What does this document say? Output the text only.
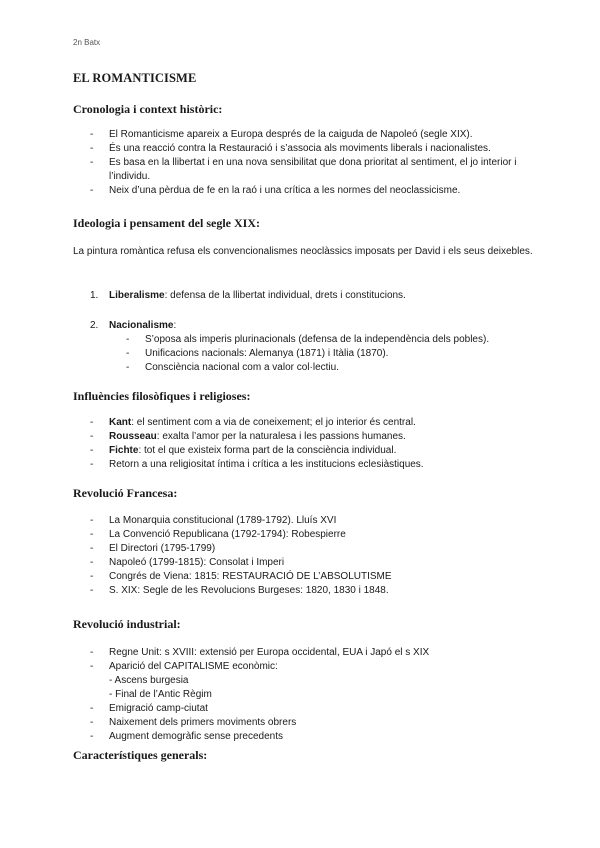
2n Batx
EL ROMANTICISME
Cronologia i context històric:
- El Romanticisme apareix a Europa després de la caiguda de Napoleó (segle XIX).
- És una reacció contra la Restauració i s’associa als moviments liberals i nacionalistes.
- Es basa en la llibertat i en una nova sensibilitat que dona prioritat al sentiment, el jo interior i l’individu.
- Neix d’una pèrdua de fe en la raó i una crítica a les normes del neoclassicisme.
Ideologia i pensament del segle XIX:
La pintura romàntica refusa els convencionalismes neoclàssics imposats per David i els seus deixebles.
1. Liberalisme: defensa de la llibertat individual, drets i constitucions.
2. Nacionalisme:
- S’oposa als imperis plurinacionals (defensa de la independència dels pobles).
- Unificacions nacionals: Alemanya (1871) i Itàlia (1870).
- Consciència nacional com a valor col·lectiu.
Influències filosòfiques i religioses:
- Kant: el sentiment com a via de coneixement; el jo interior és central.
- Rousseau: exalta l’amor per la naturalesa i les passions humanes.
- Fichte: tot el que existeix forma part de la consciència individual.
- Retorn a una religiositat íntima i crítica a les institucions eclesiàstiques.
Revolució Francesa:
- La Monarquia constitucional (1789-1792). Lluís XVI
- La Convenció Republicana (1792-1794): Robespierre
- El Directori (1795-1799)
- Napoleó (1799-1815): Consolat i Imperi
- Congrés de Viena: 1815: RESTAURACIÓ DE L’ABSOLUTISME
- S. XIX: Segle de les Revolucions Burgeses: 1820, 1830 i 1848.
Revolució industrial:
- Regne Unit: s XVIII: extensió per Europa occidental, EUA i Japó el s XIX
- Aparició del CAPITALISME econòmic:
- Ascens burgesia
- Final de l’Antic Règim
- Emigració camp-ciutat
- Naixement dels primers moviments obrers
- Augment demogràfic sense precedents
Característiques generals:
